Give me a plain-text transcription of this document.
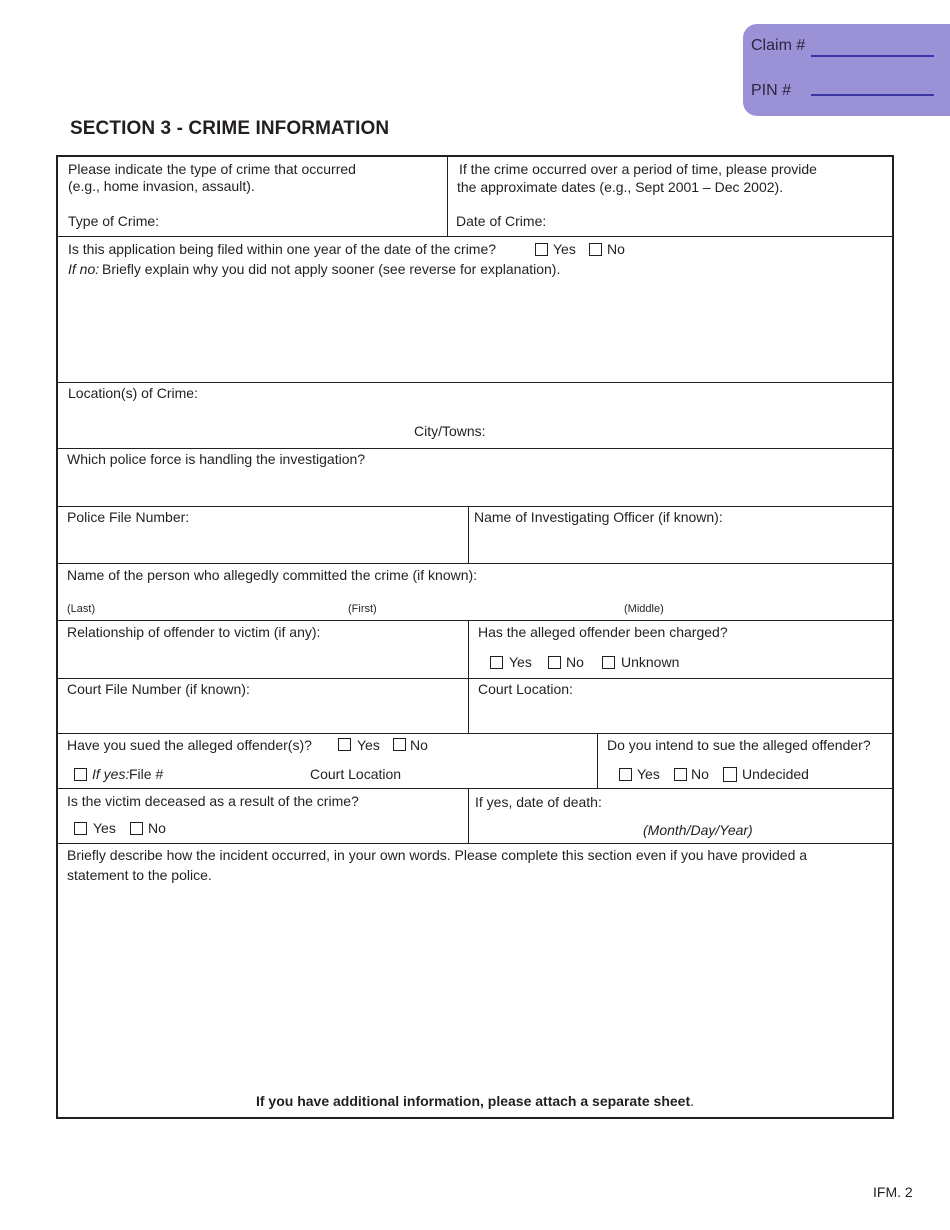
Claim #
PIN #
SECTION 3 - CRIME INFORMATION
Please indicate the type of crime that occurred
(e.g., home invasion, assault).
Type of Crime:
If the crime occurred over a period of time, please provide
the approximate dates (e.g., Sept 2001 – Dec 2002).
Date of Crime:
Is this application being filed within one year of the date of the crime?	Yes No
If no: Briefly explain why you did not apply sooner (see reverse for explanation).
Location(s) of Crime:
City/Towns:
Which police force is handling the investigation?
Police File Number:	Name of Investigating Officer (if known):
Name of the person who allegedly committed the crime (if known):
(Last)	(First)	(Middle)
Relationship of offender to victim (if any):	Has the alleged offender been charged?
Yes No	Unknown
Court File Number (if known):	Court Location:
Have you sued the alleged offender(s)?	Yes No
If yes: File #	Court Location
Do you intend to sue the alleged offender?
Yes No Undecided
Is the victim deceased as a result of the crime?
Yes No
If yes, date of death:
(Month/Day/Year)
Briefly describe how the incident occurred, in your own words. Please complete this section even if you have provided a
statement to the police.
If you have additional information, please attach a separate sheet.
IFM. 2
